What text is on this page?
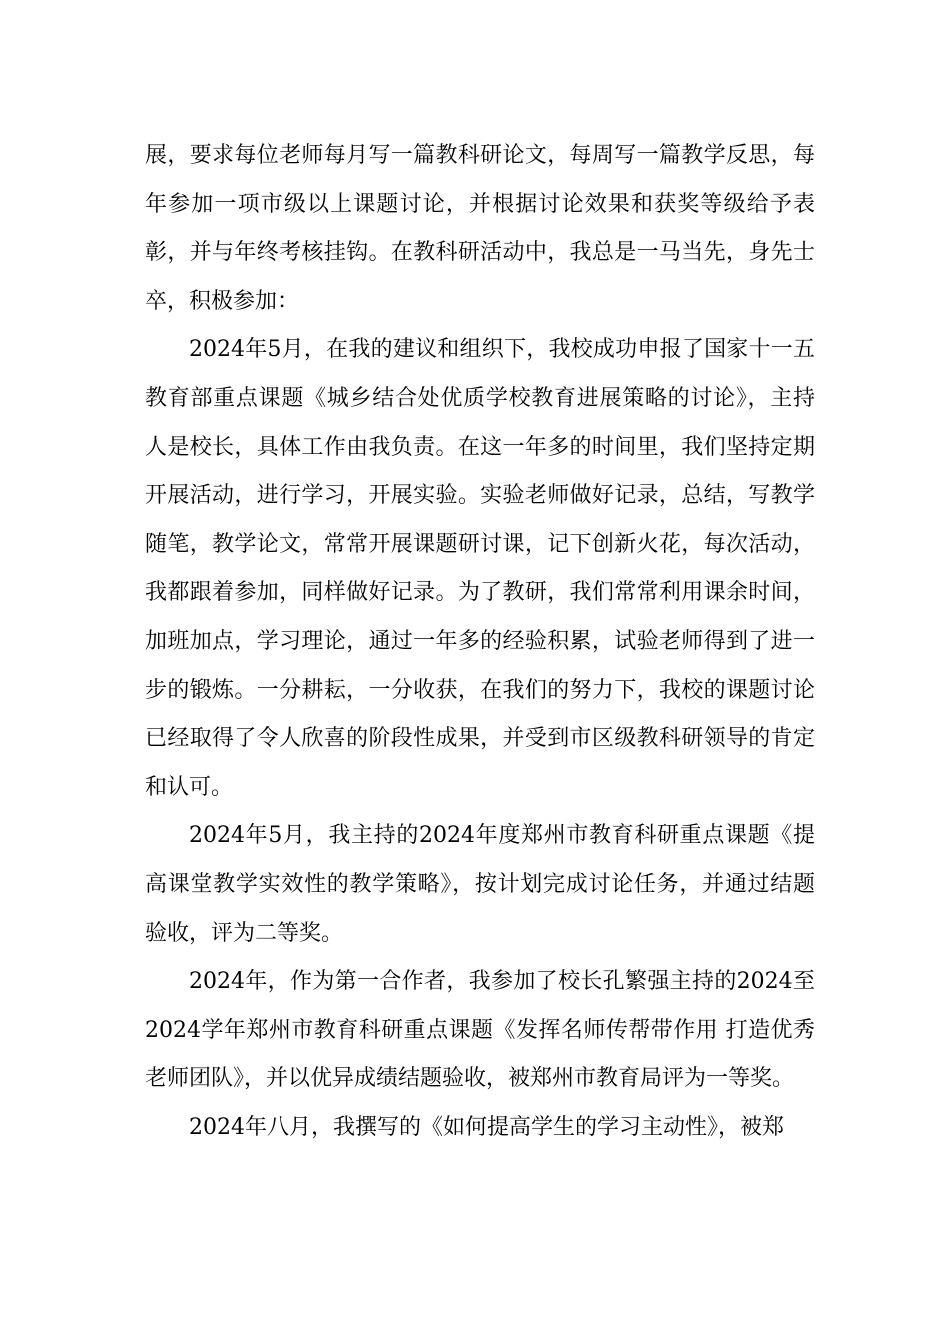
展，要求每位老师每月写一篇教科研论文，每周写一篇教学反思，每年参加一项市级以上课题讨论，并根据讨论效果和获奖等级给予表彰，并与年终考核挂钩。在教科研活动中，我总是一马当先，身先士卒，积极参加：

2024年5月，在我的建议和组织下，我校成功申报了国家十一五教育部重点课题《城乡结合处优质学校教育进展策略的讨论》，主持人是校长，具体工作由我负责。在这一年多的时间里，我们坚持定期开展活动，进行学习，开展实验。实验老师做好记录，总结，写教学随笔，教学论文，常常开展课题研讨课，记下创新火花，每次活动，我都跟着参加，同样做好记录。为了教研，我们常常利用课余时间，加班加点，学习理论，通过一年多的经验积累，试验老师得到了进一步的锻炼。一分耕耘，一分收获，在我们的努力下，我校的课题讨论已经取得了令人欣喜的阶段性成果，并受到市区级教科研领导的肯定和认可。

2024年5月，我主持的2024年度郑州市教育科研重点课题《提高课堂教学实效性的教学策略》，按计划完成讨论任务，并通过结题验收，评为二等奖。

2024年，作为第一合作者，我参加了校长孔繁强主持的2024至2024学年郑州市教育科研重点课题《发挥名师传帮带作用 打造优秀老师团队》，并以优异成绩结题验收，被郑州市教育局评为一等奖。

2024年八月，我撰写的《如何提高学生的学习主动性》，被郑
